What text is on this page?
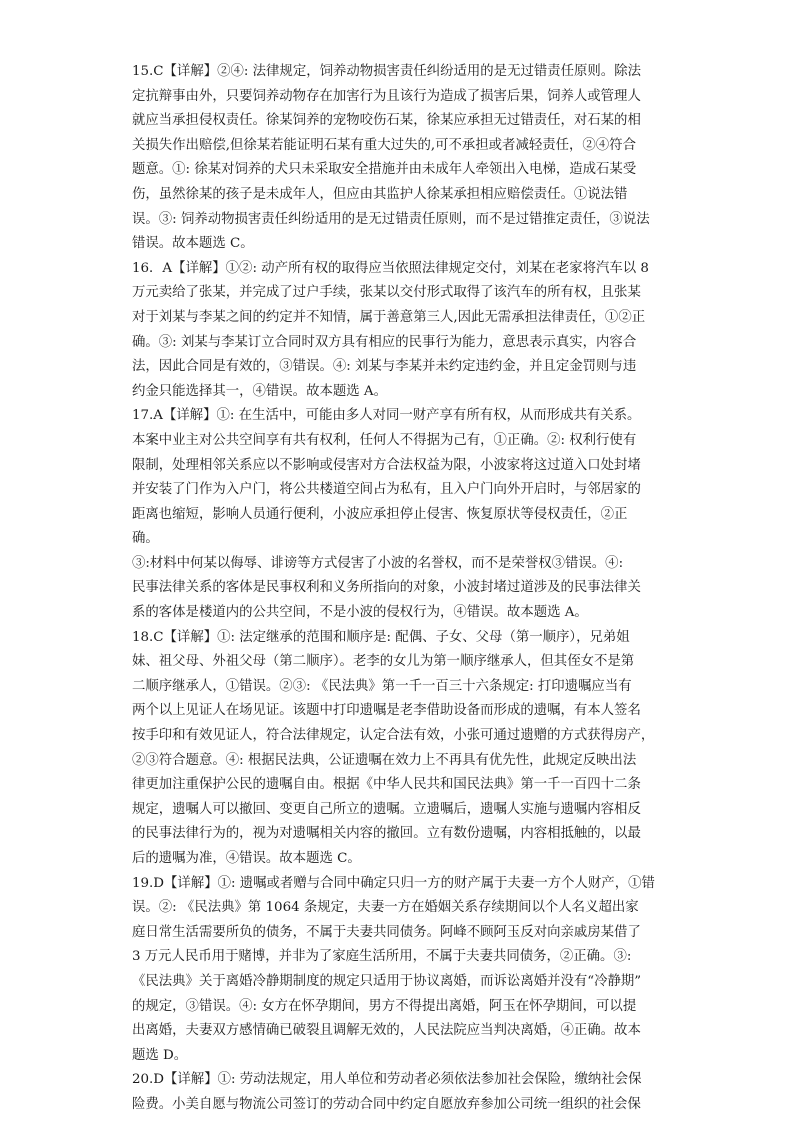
15.C【详解】②④: 法律规定，饲养动物损害责任纠纷适用的是无过错责任原则。除法
定抗辩事由外，只要饲养动物存在加害行为且该行为造成了损害后果，饲养人或管理人
就应当承担侵权责任。徐某饲养的宠物咬伤石某，徐某应承担无过错责任，对石某的相
关损失作出赔偿,但徐某若能证明石某有重大过失的,可不承担或者减轻责任，②④符合
题意。①: 徐某对饲养的犬只未采取安全措施并由未成年人牵领出入电梯，造成石某受
伤，虽然徐某的孩子是未成年人，但应由其监护人徐某承担相应赔偿责任。①说法错
误。③: 饲养动物损害责任纠纷适用的是无过错责任原则，而不是过错推定责任，③说法
错误。故本题选 C。
16．A【详解】①②: 动产所有权的取得应当依照法律规定交付，刘某在老家将汽车以 8
万元卖给了张某，并完成了过户手续，张某以交付形式取得了该汽车的所有权，且张某
对于刘某与李某之间的约定并不知情，属于善意第三人,因此无需承担法律责任，①②正
确。③: 刘某与李某订立合同时双方具有相应的民事行为能力，意思表示真实，内容合
法，因此合同是有效的，③错误。④: 刘某与李某并未约定违约金，并且定金罚则与违
约金只能选择其一，④错误。故本题选 A。
17.A【详解】①: 在生活中，可能由多人对同一财产享有所有权，从而形成共有关系。
本案中业主对公共空间享有共有权利，任何人不得据为己有，①正确。②: 权利行使有
限制，处理相邻关系应以不影响或侵害对方合法权益为限，小波家将这过道入口处封堵
并安装了门作为入户门，将公共楼道空间占为私有，且入户门向外开启时，与邻居家的
距离也缩短，影响人员通行便利，小波应承担停止侵害、恢复原状等侵权责任，②正
确。
③:材料中何某以侮辱、诽谤等方式侵害了小波的名誉权，而不是荣誉权③错误。④:
民事法律关系的客体是民事权利和义务所指向的对象，小波封堵过道涉及的民事法律关
系的客体是楼道内的公共空间，不是小波的侵权行为，④错误。故本题选 A。
18.C【详解】①: 法定继承的范围和顺序是: 配偶、子女、父母（第一顺序），兄弟姐
妹、祖父母、外祖父母（第二顺序）。老李的女儿为第一顺序继承人，但其侄女不是第
二顺序继承人，①错误。②③: 《民法典》第一千一百三十六条规定: 打印遗嘱应当有
两个以上见证人在场见证。该题中打印遗嘱是老李借助设备而形成的遗嘱，有本人签名
按手印和有效见证人，符合法律规定，认定合法有效，小张可通过遗赠的方式获得房产，
②③符合题意。④: 根据民法典，公证遗嘱在效力上不再具有优先性，此规定反映出法
律更加注重保护公民的遗嘱自由。根据《中华人民共和国民法典》第一千一百四十二条
规定，遗嘱人可以撤回、变更自己所立的遗嘱。立遗嘱后，遗嘱人实施与遗嘱内容相反
的民事法律行为的，视为对遗嘱相关内容的撤回。立有数份遗嘱，内容相抵触的，以最
后的遗嘱为准，④错误。故本题选 C。
19.D【详解】①: 遗嘱或者赠与合同中确定只归一方的财产属于夫妻一方个人财产，①错
误。②: 《民法典》第 1064 条规定，夫妻一方在婚姻关系存续期间以个人名义超出家
庭日常生活需要所负的债务，不属于夫妻共同债务。阿峰不顾阿玉反对向亲戚房某借了
3 万元人民币用于赌博，并非为了家庭生活所用，不属于夫妻共同债务，②正确。③:
《民法典》关于离婚冷静期制度的规定只适用于协议离婚，而诉讼离婚并没有“冷静期”
的规定，③错误。④: 女方在怀孕期间，男方不得提出离婚，阿玉在怀孕期间，可以提
出离婚，夫妻双方感情确已破裂且调解无效的，人民法院应当判决离婚，④正确。故本
题选 D。
20.D【详解】①: 劳动法规定，用人单位和劳动者必须依法参加社会保险，缴纳社会保
险费。小美自愿与物流公司签订的劳动合同中约定自愿放弃参加公司统一组织的社会保
